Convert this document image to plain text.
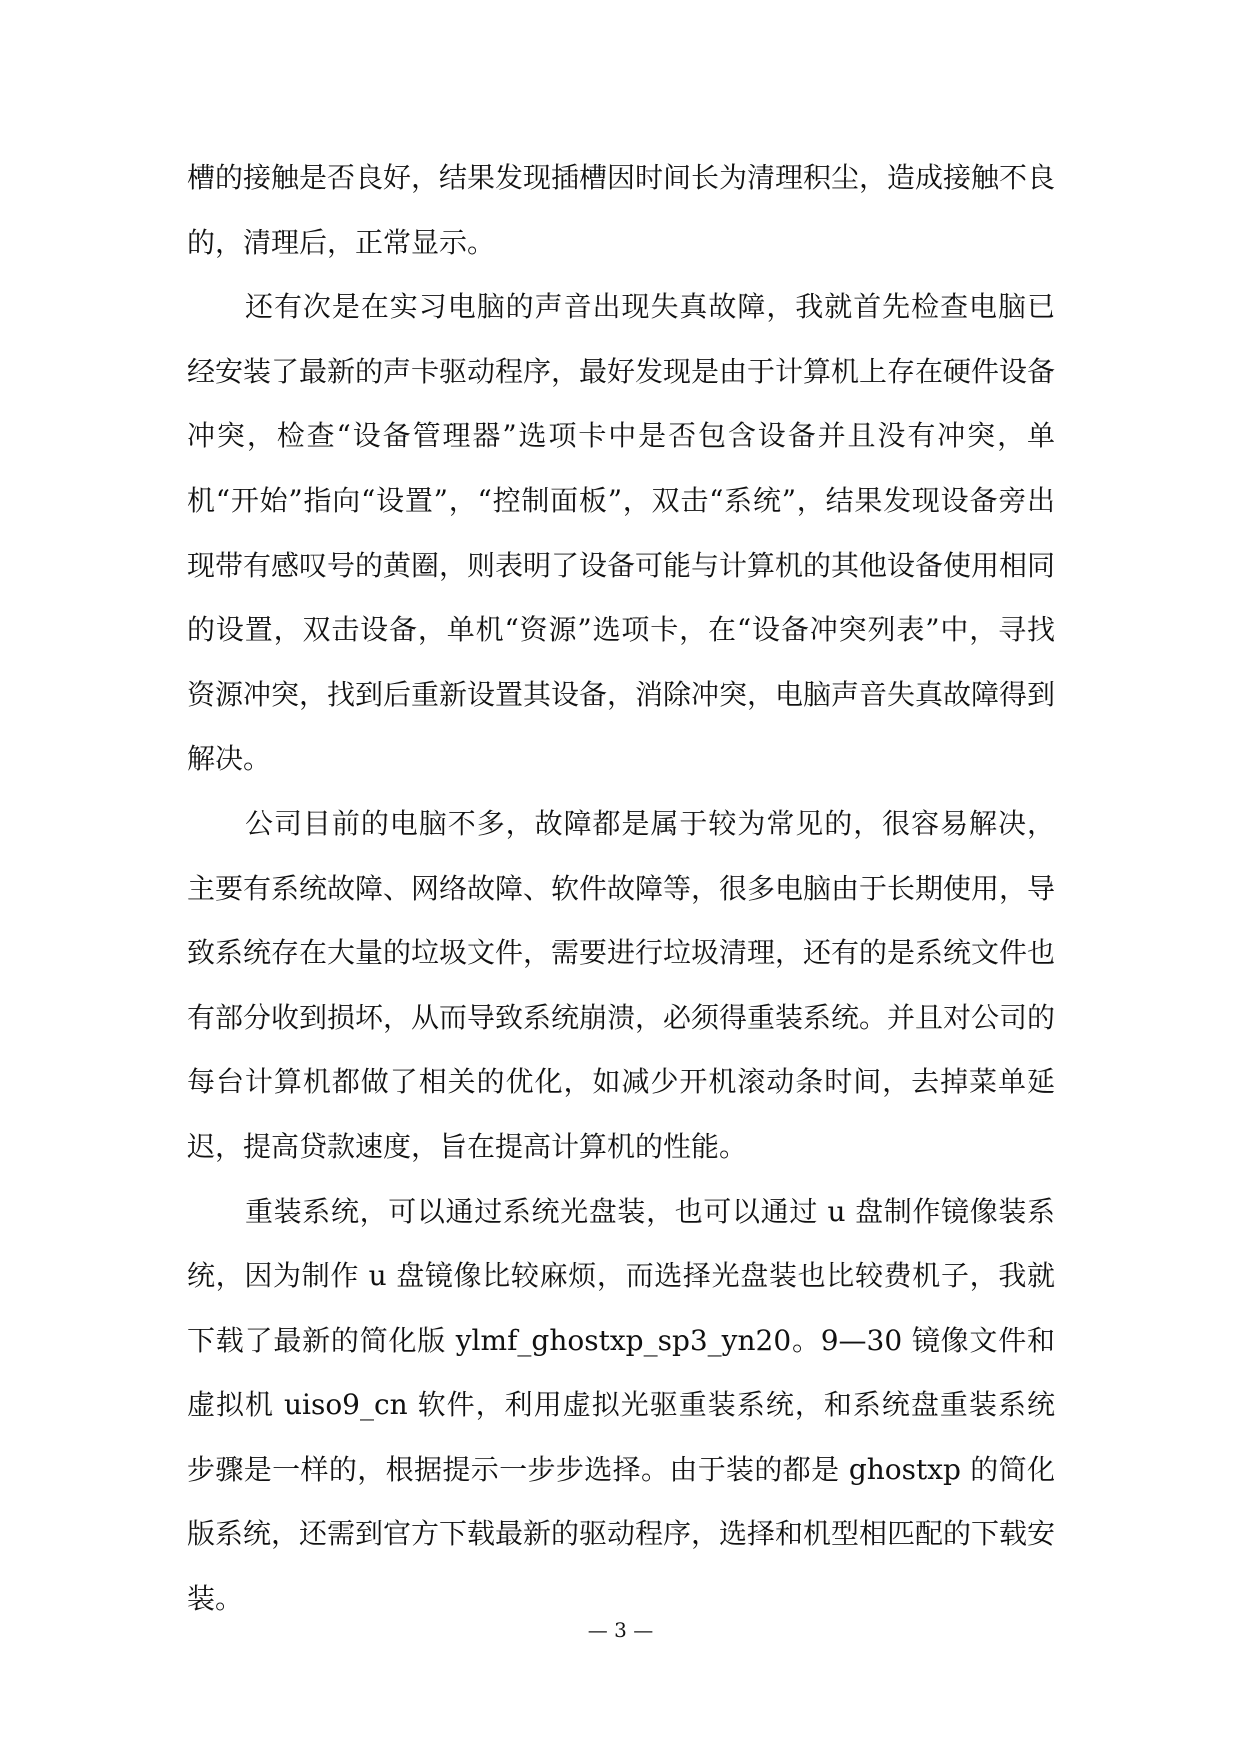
槽的接触是否良好，结果发现插槽因时间长为清理积尘，造成接触不良的，清理后，正常显示。

还有次是在实习电脑的声音出现失真故障，我就首先检查电脑已经安装了最新的声卡驱动程序，最好发现是由于计算机上存在硬件设备冲突，检查“设备管理器”选项卡中是否包含设备并且没有冲突，单机“开始”指向“设置”，“控制面板”，双击“系统”，结果发现设备旁出现带有感叹号的黄圈，则表明了设备可能与计算机的其他设备使用相同的设置，双击设备，单机“资源”选项卡，在“设备冲突列表”中，寻找资源冲突，找到后重新设置其设备，消除冲突，电脑声音失真故障得到解决。

公司目前的电脑不多，故障都是属于较为常见的，很容易解决，主要有系统故障、网络故障、软件故障等，很多电脑由于长期使用，导致系统存在大量的垃圾文件，需要进行垃圾清理，还有的是系统文件也有部分收到损坏，从而导致系统崩溃，必须得重装系统。并且对公司的每台计算机都做了相关的优化，如减少开机滚动条时间，去掉菜单延迟，提高贷款速度，旨在提高计算机的性能。

重装系统，可以通过系统光盘装，也可以通过 u 盘制作镜像装系统，因为制作 u 盘镜像比较麻烦，而选择光盘装也比较费机子，我就下载了最新的简化版 ylmf_ghostxp_sp3_yn20。9—30 镜像文件和虚拟机 uiso9_cn 软件，利用虚拟光驱重装系统，和系统盘重装系统步骤是一样的，根据提示一步步选择。由于装的都是 ghostxp 的简化版系统，还需到官方下载最新的驱动程序，选择和机型相匹配的下载安装。

— 3 —
